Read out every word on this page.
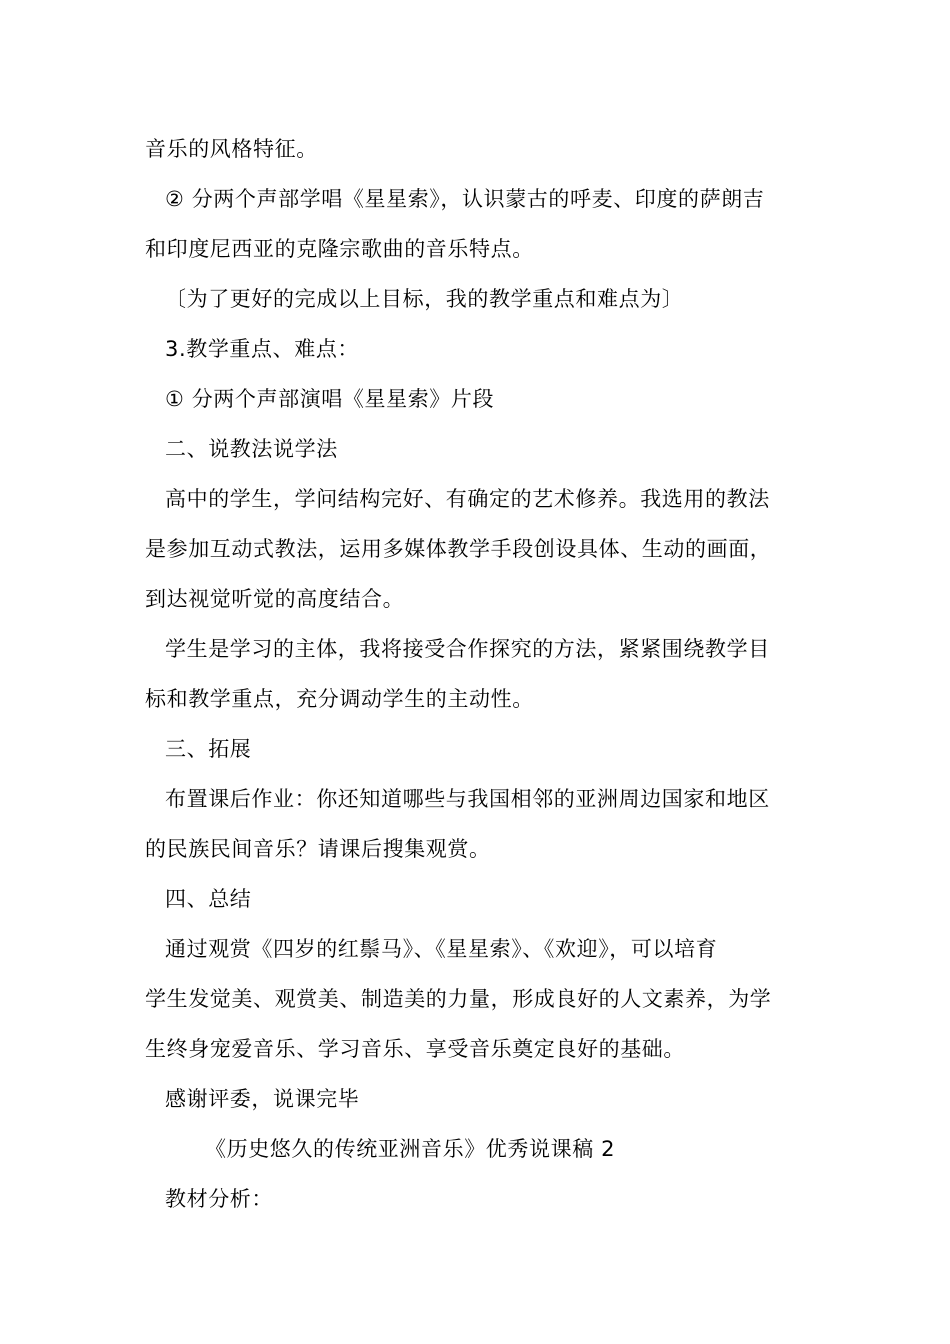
音乐的风格特征。
② 分两个声部学唱《星星索》，认识蒙古的呼麦、印度的萨朗吉
和印度尼西亚的克隆宗歌曲的音乐特点。
〔为了更好的完成以上目标，我的教学重点和难点为〕
3.教学重点、难点：
① 分两个声部演唱《星星索》片段
二、说教法说学法
高中的学生，学问结构完好、有确定的艺术修养。我选用的教法
是参加互动式教法，运用多媒体教学手段创设具体、生动的画面，
到达视觉听觉的高度结合。
学生是学习的主体，我将接受合作探究的方法，紧紧围绕教学目
标和教学重点，充分调动学生的主动性。
三、拓展
布置课后作业：你还知道哪些与我国相邻的亚洲周边国家和地区
的民族民间音乐？请课后搜集观赏。
四、总结
通过观赏《四岁的红鬃马》、《星星索》、《欢迎》，可以培育
学生发觉美、观赏美、制造美的力量，形成良好的人文素养，为学
生终身宠爱音乐、学习音乐、享受音乐奠定良好的基础。
感谢评委，说课完毕
《历史悠久的传统亚洲音乐》优秀说课稿 2
教材分析：
